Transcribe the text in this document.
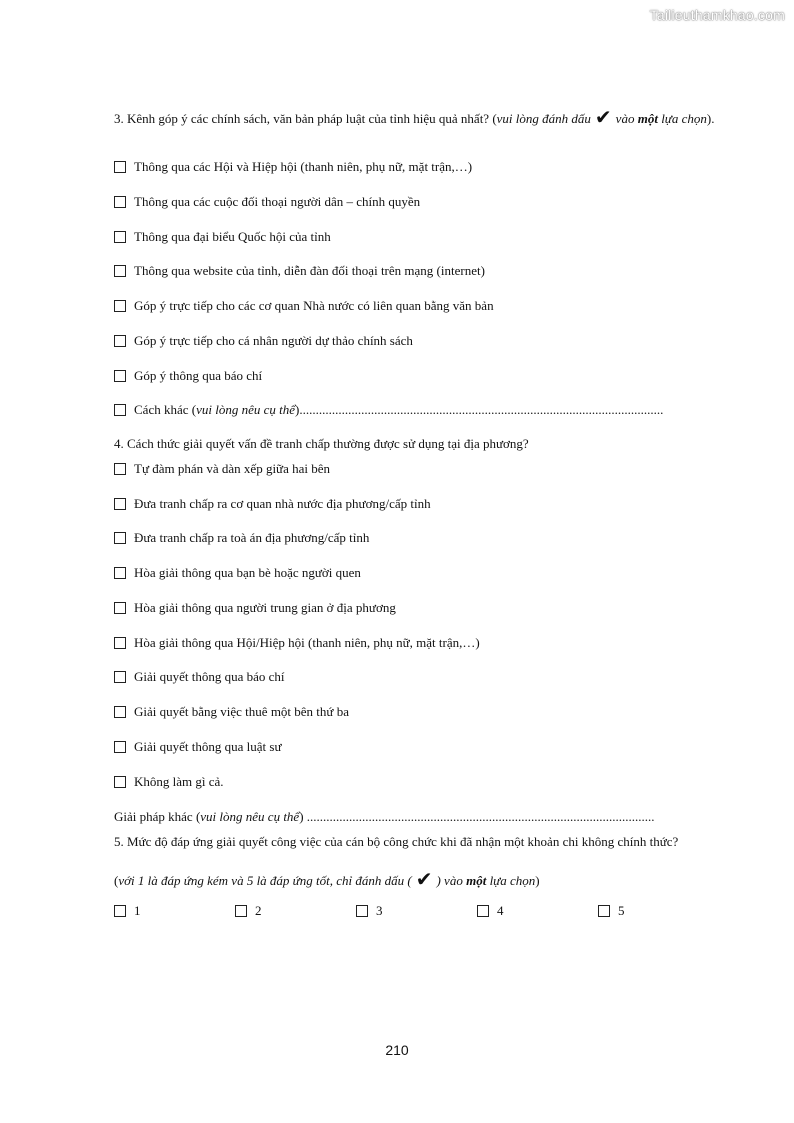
Tailieuthamkhao.com
3. Kênh góp ý các chính sách, văn bản pháp luật của tỉnh hiệu quả nhất? (vui lòng đánh dấu ✔ vào một lựa chọn).
Thông qua các Hội và Hiệp hội (thanh niên, phụ nữ, mặt trận,…)
Thông qua các cuộc đối thoại người dân – chính quyền
Thông qua đại biểu Quốc hội của tỉnh
Thông qua website của tỉnh, diễn đàn đối thoại trên mạng (internet)
Góp ý trực tiếp cho các cơ quan Nhà nước có liên quan bằng văn bản
Góp ý trực tiếp cho cá nhân người dự thảo chính sách
Góp ý thông qua báo chí
Cách khác ( vui lòng nêu cụ thể )................................................................................................................
4. Cách thức giải quyết vấn đề tranh chấp thường được sử dụng tại địa phương?
Tự đàm phán và dàn xếp giữa hai bên
Đưa tranh chấp ra cơ quan nhà nước địa phương/cấp tỉnh
Đưa tranh chấp ra toà án địa phương/cấp tỉnh
Hòa giải thông qua bạn bè hoặc người quen
Hòa giải thông qua người trung gian ở địa phương
Hòa giải thông qua Hội/Hiệp hội (thanh niên, phụ nữ, mặt trận,…)
Giải quyết thông qua báo chí
Giải quyết bằng việc thuê một bên thứ ba
Giải quyết thông qua luật sư
Không làm gì cả.
Giải pháp khác (vui lòng nêu cụ thể) ...........................................................................................................
5. Mức độ đáp ứng giải quyết công việc của cán bộ công chức khi đã nhận một khoản chi không chính thức?
(với 1 là đáp ứng kém và 5 là đáp ứng tốt, chỉ đánh dấu ( ✔ ) vào một lựa chọn)
1	2	3	4	5
210
